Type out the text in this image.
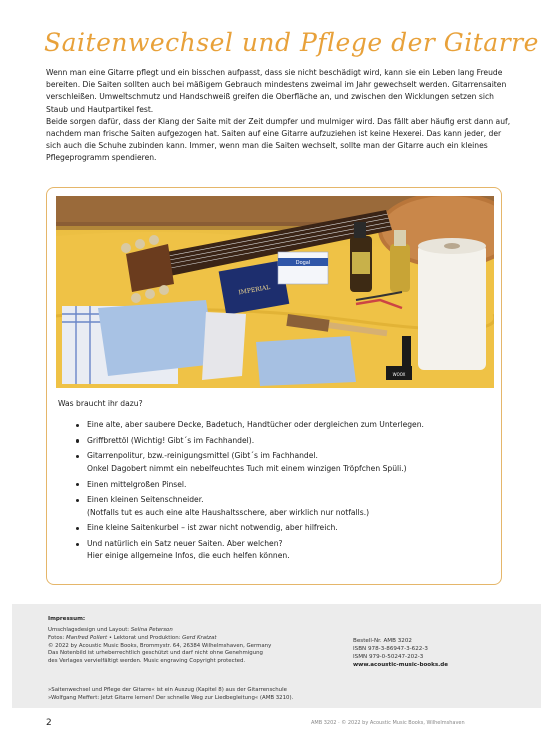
Saitenwechsel und Pflege der Gitarre

Wenn man eine Gitarre pflegt und ein bisschen aufpasst, dass sie nicht beschädigt wird, kann sie ein Leben lang Freude bereiten. Die Saiten sollten auch bei mäßigem Gebrauch mindestens zweimal im Jahr gewechselt werden. Gitarrensaiten verschleißen. Umweltschmutz und Handschweiß greifen die Oberfläche an, und zwischen den Wicklungen setzen sich Staub und Hautpartikel fest.

Beide sorgen dafür, dass der Klang der Saite mit der Zeit dumpfer und mulmiger wird. Das fällt aber häufig erst dann auf, nachdem man frische Saiten aufgezogen hat. Saiten auf eine Gitarre aufzuziehen ist keine Hexerei. Das kann jeder, der sich auch die Schuhe zubinden kann. Immer, wenn man die Saiten wechselt, sollte man der Gitarre auch ein kleines Pflegeprogramm spendieren.

IMPERIAL
Dogal
WOOX
Was braucht ihr dazu?
Eine alte, aber saubere Decke, Badetuch, Handtücher oder dergleichen zum Unterlegen.
Griffbrettöl (Wichtig! Gibt´s im Fachhandel).
Gitarrenpolitur, bzw.-reinigungsmittel (Gibt´s im Fachhandel.
Onkel Dagobert nimmt ein nebelfeuchtes Tuch mit einem winzigen Tröpfchen Spüli.)
Einen mittelgroßen Pinsel.
Einen kleinen Seitenschneider.
(Notfalls tut es auch eine alte Haushaltsschere, aber wirklich nur notfalls.)
Eine kleine Saitenkurbel – ist zwar nicht notwendig, aber hilfreich.
Und natürlich ein Satz neuer Saiten. Aber welchen?
Hier einige allgemeine Infos, die euch helfen können.
Impressum:
Umschlagsdesign und Layout: Selina Peterson
Fotos: Manfred Pollert • Lektorat und Produktion: Gerd Kratzat
© 2022 by Acoustic Music Books, Brommystr. 64, 26384 Wilhelmshaven, Germany
Das Notenbild ist urheberrechtlich geschützt und darf nicht ohne Genehmigung
des Verlages vervielfältigt werden. Music engraving Copyright protected.
Bestell-Nr. AMB 3202
ISBN 978-3-86947-3-622-3
ISMN 979-0-50247-202-3
www.acoustic-music-books.de
»Saitenwechsel und Pflege der Gitarre« ist ein Auszug (Kapitel 8) aus der Gitarrenschule
»Wolfgang Meffert: Jetzt Gitarre lernen! Der schnelle Weg zur Liedbegleitung« (AMB 3210).
2	AMB 3202 · © 2022 by Acoustic Music Books, Wilhelmshaven
